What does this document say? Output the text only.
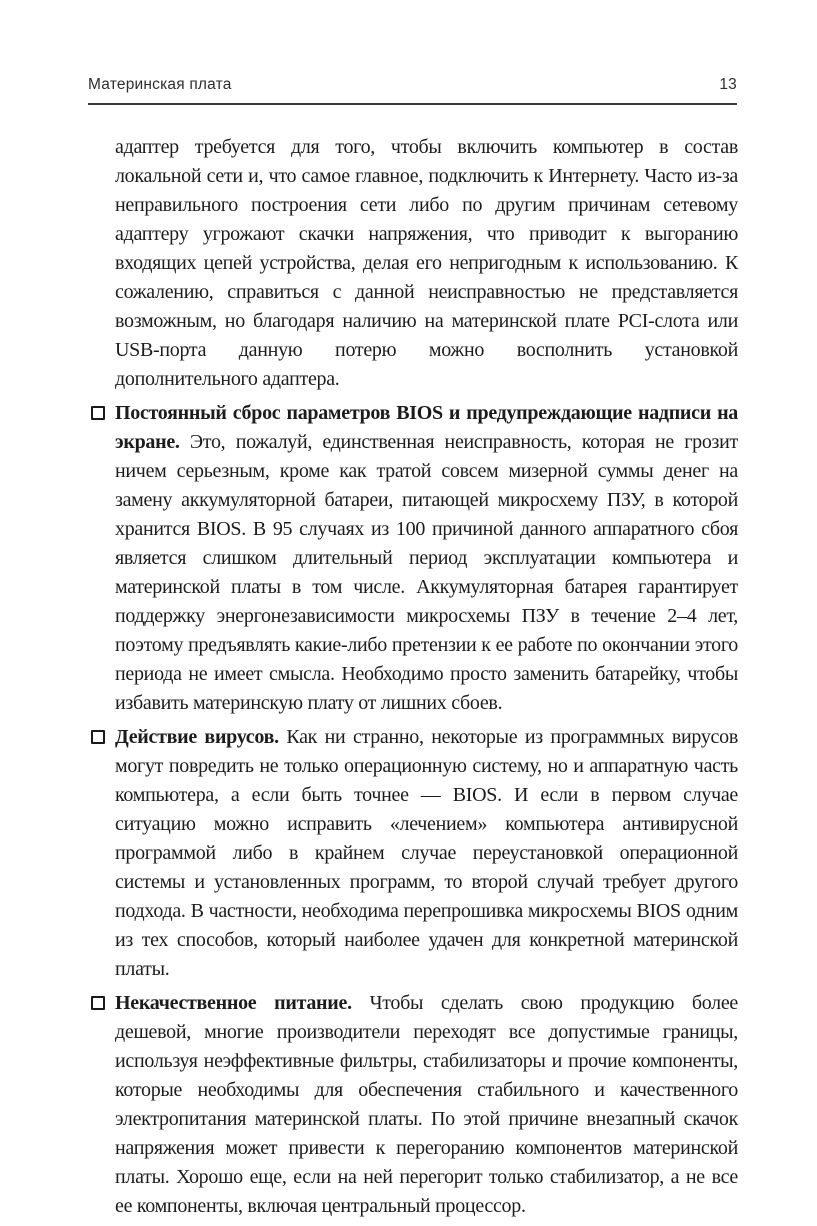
Материнская плата	13

адаптер требуется для того, чтобы включить компьютер в состав локальной сети и, что самое главное, подключить к Интернету. Часто из-за неправильного построения сети либо по другим причинам сетевому адаптеру угрожают скачки напряжения, что приводит к выгоранию входящих цепей устройства, делая его непригодным к использованию. К сожалению, справиться с данной неисправностью не представляется возможным, но благодаря наличию на материнской плате PCI-слота или USB-порта данную потерю можно восполнить установкой дополнительного адаптера.

Постоянный сброс параметров BIOS и предупреждающие надписи на экране. Это, пожалуй, единственная неисправность, которая не грозит ничем серьезным, кроме как тратой совсем мизерной суммы денег на замену аккумуляторной батареи, питающей микросхему ПЗУ, в которой хранится BIOS. В 95 случаях из 100 причиной данного аппаратного сбоя является слишком длительный период эксплуатации компьютера и материнской платы в том числе. Аккумуляторная батарея гарантирует поддержку энергонезависимости микросхемы ПЗУ в течение 2–4 лет, поэтому предъявлять какие-либо претензии к ее работе по окончании этого периода не имеет смысла. Необходимо просто заменить батарейку, чтобы избавить материнскую плату от лишних сбоев.
Действие вирусов. Как ни странно, некоторые из программных вирусов могут повредить не только операционную систему, но и аппаратную часть компьютера, а если быть точнее — BIOS. И если в первом случае ситуацию можно исправить «лечением» компьютера антивирусной программой либо в крайнем случае переустановкой операционной системы и установленных программ, то второй случай требует другого подхода. В частности, необходима перепрошивка микросхемы BIOS одним из тех способов, который наиболее удачен для конкретной материнской платы.
Некачественное питание. Чтобы сделать свою продукцию более дешевой, многие производители переходят все допустимые границы, используя неэффективные фильтры, стабилизаторы и прочие компоненты, которые необходимы для обеспечения стабильного и качественного электропитания материнской платы. По этой причине внезапный скачок напряжения может привести к перегоранию компонентов материнской платы. Хорошо еще, если на ней перегорит только стабилизатор, а не все ее компоненты, включая центральный процессор.
